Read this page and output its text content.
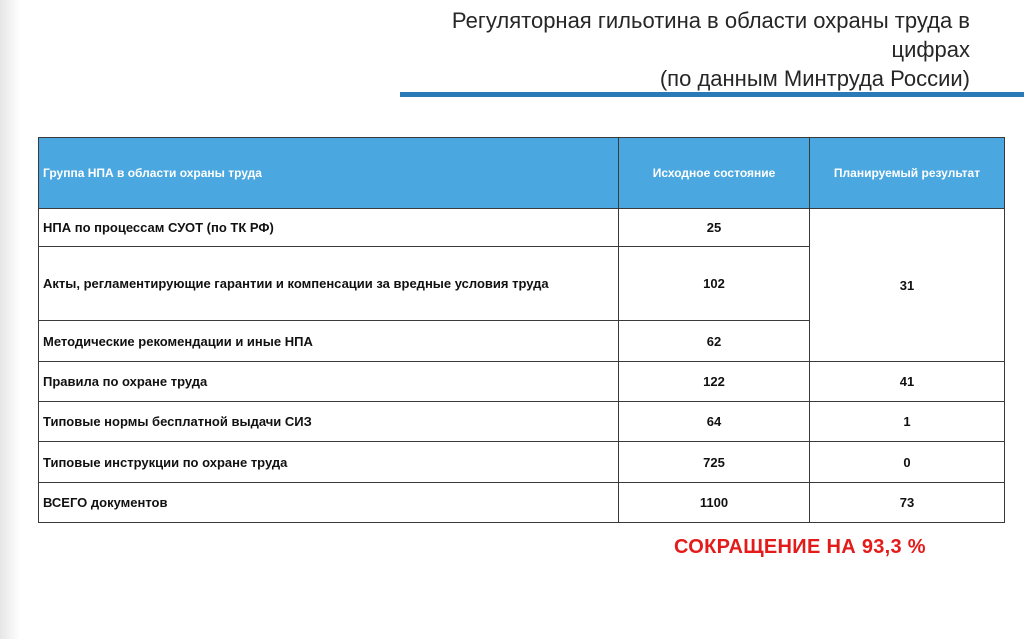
Регуляторная гильотина в области охраны труда в
цифрах
(по данным Минтруда России)
Группа НПА в области охраны труда	Исходное состояние	Планируемый результат
НПА по процессам СУОТ (по ТК РФ)	25	31
Акты, регламентирующие гарантии и компенсации за вредные условия труда	102	
Методические рекомендации и иные НПА	62	
Правила по охране труда	122	41
Типовые нормы бесплатной выдачи СИЗ	64	1
Типовые инструкции по охране труда	725	0
ВСЕГО документов	1100	73
СОКРАЩЕНИЕ НА 93,3 %
